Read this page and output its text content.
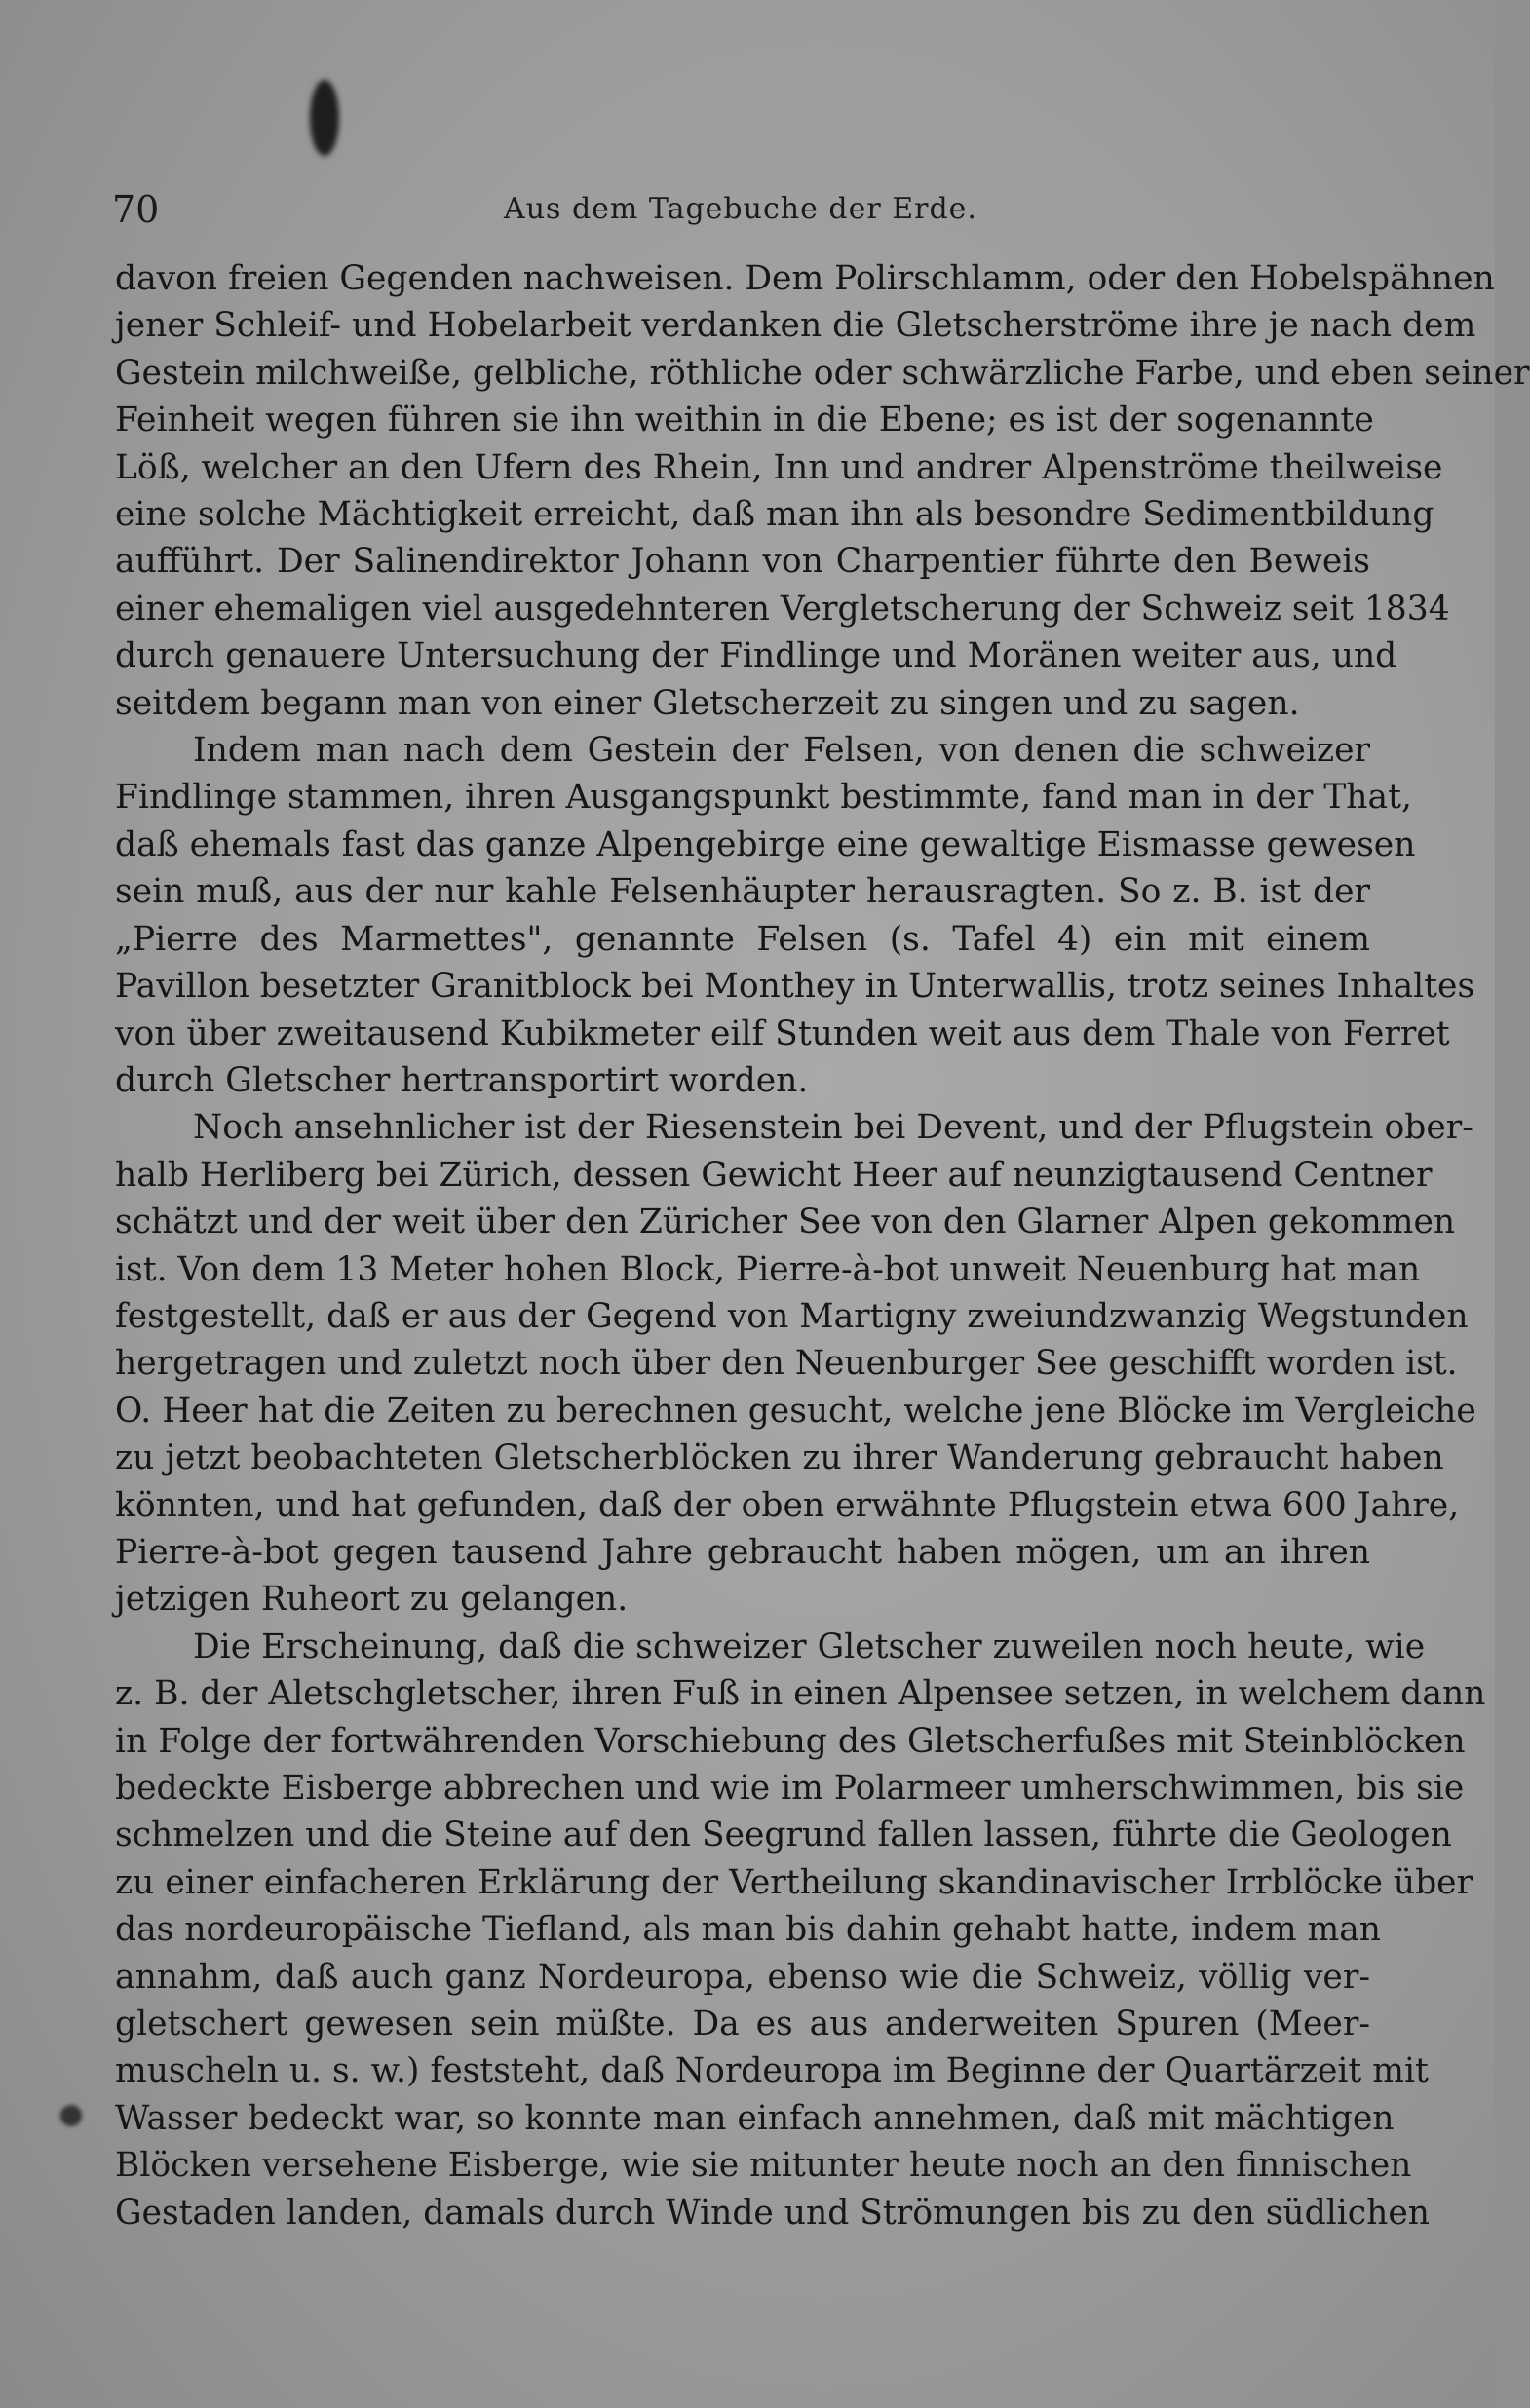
70	Aus dem Tagebuche der Erde.
davon freien Gegenden nachweisen. Dem Polirschlamm, oder den Hobelspähnen
jener Schleif- und Hobelarbeit verdanken die Gletscherströme ihre je nach dem
Gestein milchweiße, gelbliche, röthliche oder schwärzliche Farbe, und eben seiner
Feinheit wegen führen sie ihn weithin in die Ebene; es ist der sogenannte
Löß, welcher an den Ufern des Rhein, Inn und andrer Alpenströme theilweise
eine solche Mächtigkeit erreicht, daß man ihn als besondre Sedimentbildung
aufführt. Der Salinendirektor Johann von Charpentier führte den Beweis
einer ehemaligen viel ausgedehnteren Vergletscherung der Schweiz seit 1834
durch genauere Untersuchung der Findlinge und Moränen weiter aus, und
seitdem begann man von einer Gletscherzeit zu singen und zu sagen.
Indem man nach dem Gestein der Felsen, von denen die schweizer
Findlinge stammen, ihren Ausgangspunkt bestimmte, fand man in der That,
daß ehemals fast das ganze Alpengebirge eine gewaltige Eismasse gewesen
sein muß, aus der nur kahle Felsenhäupter herausragten. So z. B. ist der
„Pierre des Marmettes", genannte Felsen (s. Tafel 4) ein mit einem
Pavillon besetzter Granitblock bei Monthey in Unterwallis, trotz seines Inhaltes
von über zweitausend Kubikmeter eilf Stunden weit aus dem Thale von Ferret
durch Gletscher hertransportirt worden.
Noch ansehnlicher ist der Riesenstein bei Devent, und der Pflugstein ober-
halb Herliberg bei Zürich, dessen Gewicht Heer auf neunzigtausend Centner
schätzt und der weit über den Züricher See von den Glarner Alpen gekommen
ist. Von dem 13 Meter hohen Block, Pierre-à-bot unweit Neuenburg hat man
festgestellt, daß er aus der Gegend von Martigny zweiundzwanzig Wegstunden
hergetragen und zuletzt noch über den Neuenburger See geschifft worden ist.
O. Heer hat die Zeiten zu berechnen gesucht, welche jene Blöcke im Vergleiche
zu jetzt beobachteten Gletscherblöcken zu ihrer Wanderung gebraucht haben
könnten, und hat gefunden, daß der oben erwähnte Pflugstein etwa 600 Jahre,
Pierre-à-bot gegen tausend Jahre gebraucht haben mögen, um an ihren
jetzigen Ruheort zu gelangen.
Die Erscheinung, daß die schweizer Gletscher zuweilen noch heute, wie
z. B. der Aletschgletscher, ihren Fuß in einen Alpensee setzen, in welchem dann
in Folge der fortwährenden Vorschiebung des Gletscherfußes mit Steinblöcken
bedeckte Eisberge abbrechen und wie im Polarmeer umherschwimmen, bis sie
schmelzen und die Steine auf den Seegrund fallen lassen, führte die Geologen
zu einer einfacheren Erklärung der Vertheilung skandinavischer Irrblöcke über
das nordeuropäische Tiefland, als man bis dahin gehabt hatte, indem man
annahm, daß auch ganz Nordeuropa, ebenso wie die Schweiz, völlig ver-
gletschert gewesen sein müßte. Da es aus anderweiten Spuren (Meer-
muscheln u. s. w.) feststeht, daß Nordeuropa im Beginne der Quartärzeit mit
Wasser bedeckt war, so konnte man einfach annehmen, daß mit mächtigen
Blöcken versehene Eisberge, wie sie mitunter heute noch an den finnischen
Gestaden landen, damals durch Winde und Strömungen bis zu den südlichen
